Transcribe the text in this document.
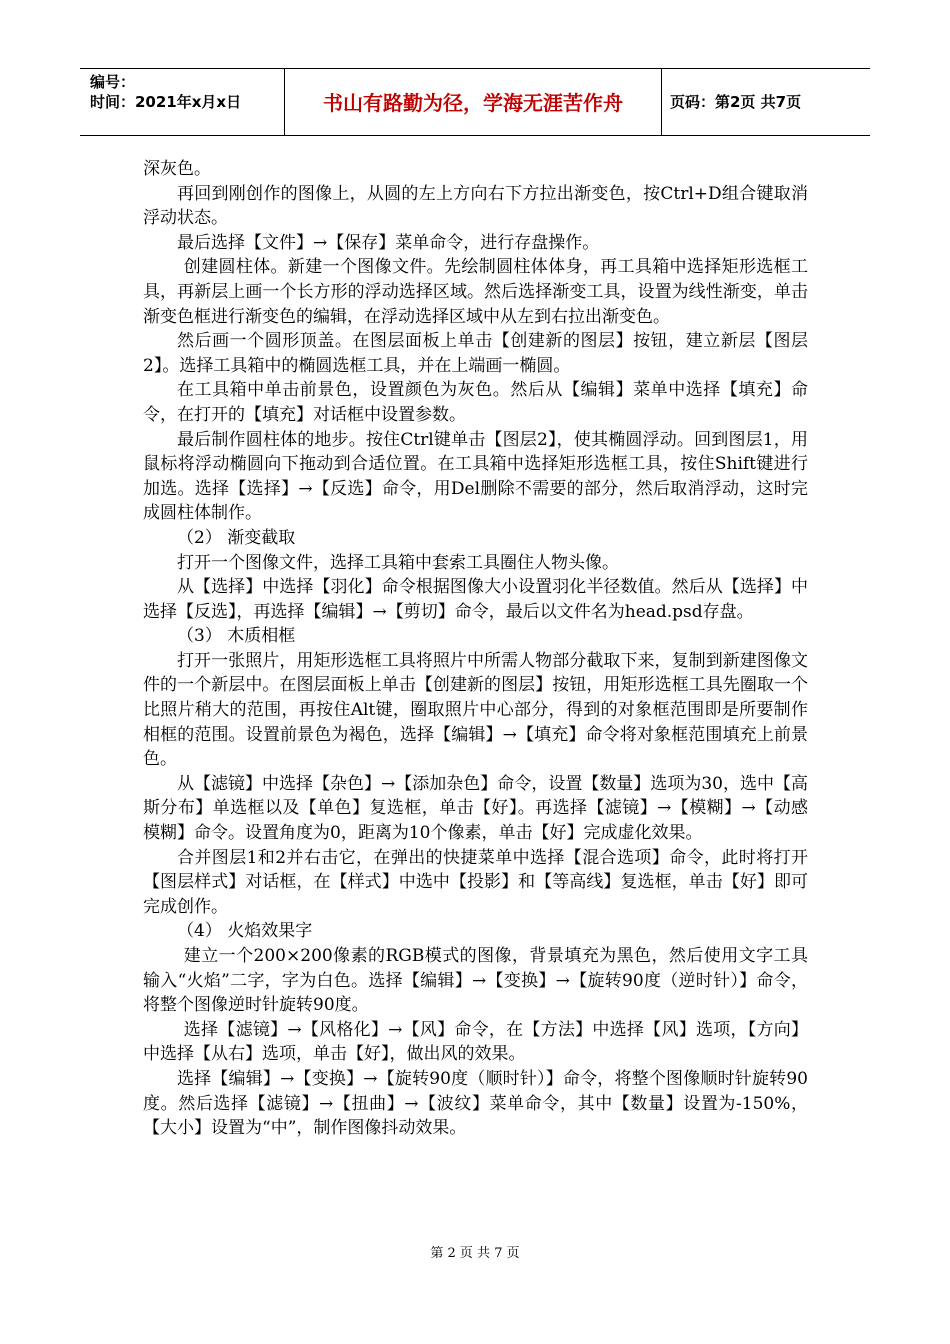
编号：
时间：2021年x月x日	书山有路勤为径，学海无涯苦作舟	页码：第2页 共7页

深灰色。

再回到刚创作的图像上，从圆的左上方向右下方拉出渐变色，按Ctrl+D组合键取消浮动状态。

最后选择【文件】→【保存】菜单命令，进行存盘操作。

创建圆柱体。新建一个图像文件。先绘制圆柱体体身，再工具箱中选择矩形选框工具，再新层上画一个长方形的浮动选择区域。然后选择渐变工具，设置为线性渐变，单击渐变色框进行渐变色的编辑，在浮动选择区域中从左到右拉出渐变色。

然后画一个圆形顶盖。在图层面板上单击【创建新的图层】按钮，建立新层【图层2】。选择工具箱中的椭圆选框工具，并在上端画一椭圆。

在工具箱中单击前景色，设置颜色为灰色。然后从【编辑】菜单中选择【填充】命令，在打开的【填充】对话框中设置参数。

最后制作圆柱体的地步。按住Ctrl键单击【图层2】，使其椭圆浮动。回到图层1，用鼠标将浮动椭圆向下拖动到合适位置。在工具箱中选择矩形选框工具，按住Shift键进行加选。选择【选择】→【反选】命令，用Del删除不需要的部分，然后取消浮动，这时完成圆柱体制作。

（2） 渐变截取

打开一个图像文件，选择工具箱中套索工具圈住人物头像。

从【选择】中选择【羽化】命令根据图像大小设置羽化半径数值。然后从【选择】中选择【反选】，再选择【编辑】→【剪切】命令，最后以文件名为head.psd存盘。

（3） 木质相框

打开一张照片，用矩形选框工具将照片中所需人物部分截取下来，复制到新建图像文件的一个新层中。在图层面板上单击【创建新的图层】按钮，用矩形选框工具先圈取一个比照片稍大的范围，再按住Alt键，圈取照片中心部分，得到的对象框范围即是所要制作相框的范围。设置前景色为褐色，选择【编辑】→【填充】命令将对象框范围填充上前景色。

从【滤镜】中选择【杂色】→【添加杂色】命令，设置【数量】选项为30，选中【高斯分布】单选框以及【单色】复选框，单击【好】。再选择【滤镜】→【模糊】→【动感模糊】命令。设置角度为0，距离为10个像素，单击【好】完成虚化效果。

合并图层1和2并右击它，在弹出的快捷菜单中选择【混合选项】命令，此时将打开【图层样式】对话框，在【样式】中选中【投影】和【等高线】复选框，单击【好】即可完成创作。

（4） 火焰效果字

建立一个200×200像素的RGB模式的图像，背景填充为黑色，然后使用文字工具输入“火焰”二字，字为白色。选择【编辑】→【变换】→【旋转90度（逆时针）】命令，将整个图像逆时针旋转90度。

选择【滤镜】→【风格化】→【风】命令，在【方法】中选择【风】选项，【方向】中选择【从右】选项，单击【好】，做出风的效果。

选择【编辑】→【变换】→【旋转90度（顺时针）】命令，将整个图像顺时针旋转90度。然后选择【滤镜】→【扭曲】→【波纹】菜单命令，其中【数量】设置为-150%，【大小】设置为“中”，制作图像抖动效果。

第 2 页 共 7 页
